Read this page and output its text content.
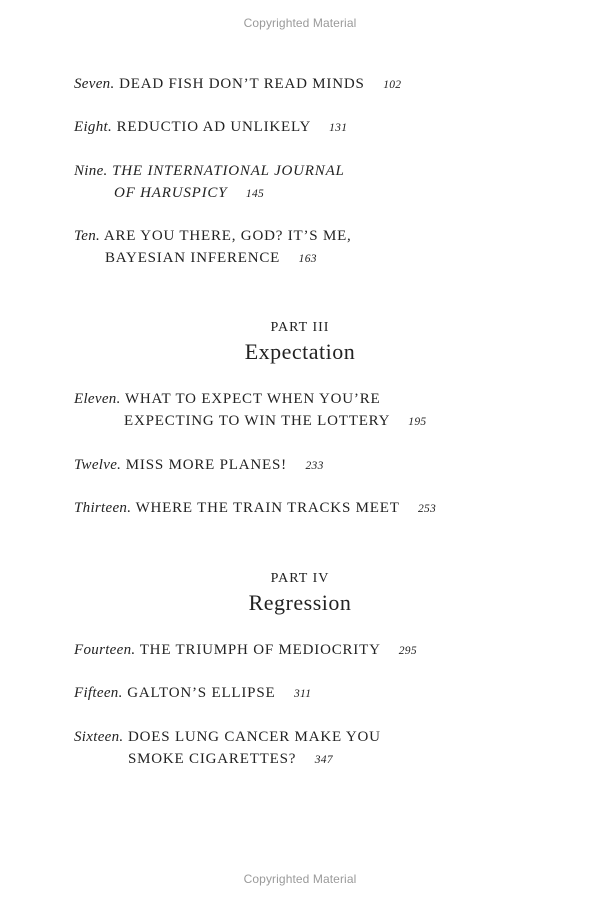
Copyrighted Material
Seven. DEAD FISH DON’T READ MINDS 102
Eight. REDUCTIO AD UNLIKELY 131
Nine. THE INTERNATIONAL JOURNAL
OF HARUSPICY 145
Ten. ARE YOU THERE, GOD? IT’S ME,
BAYESIAN INFERENCE 163
PART III
Expectation
Eleven. WHAT TO EXPECT WHEN YOU’RE
EXPECTING TO WIN THE LOTTERY 195
Twelve. MISS MORE PLANES! 233
Thirteen. WHERE THE TRAIN TRACKS MEET 253
PART IV
Regression
Fourteen. THE TRIUMPH OF MEDIOCRITY 295
Fifteen. GALTON’S ELLIPSE 311
Sixteen. DOES LUNG CANCER MAKE YOU
SMOKE CIGARETTES? 347
Copyrighted Material
